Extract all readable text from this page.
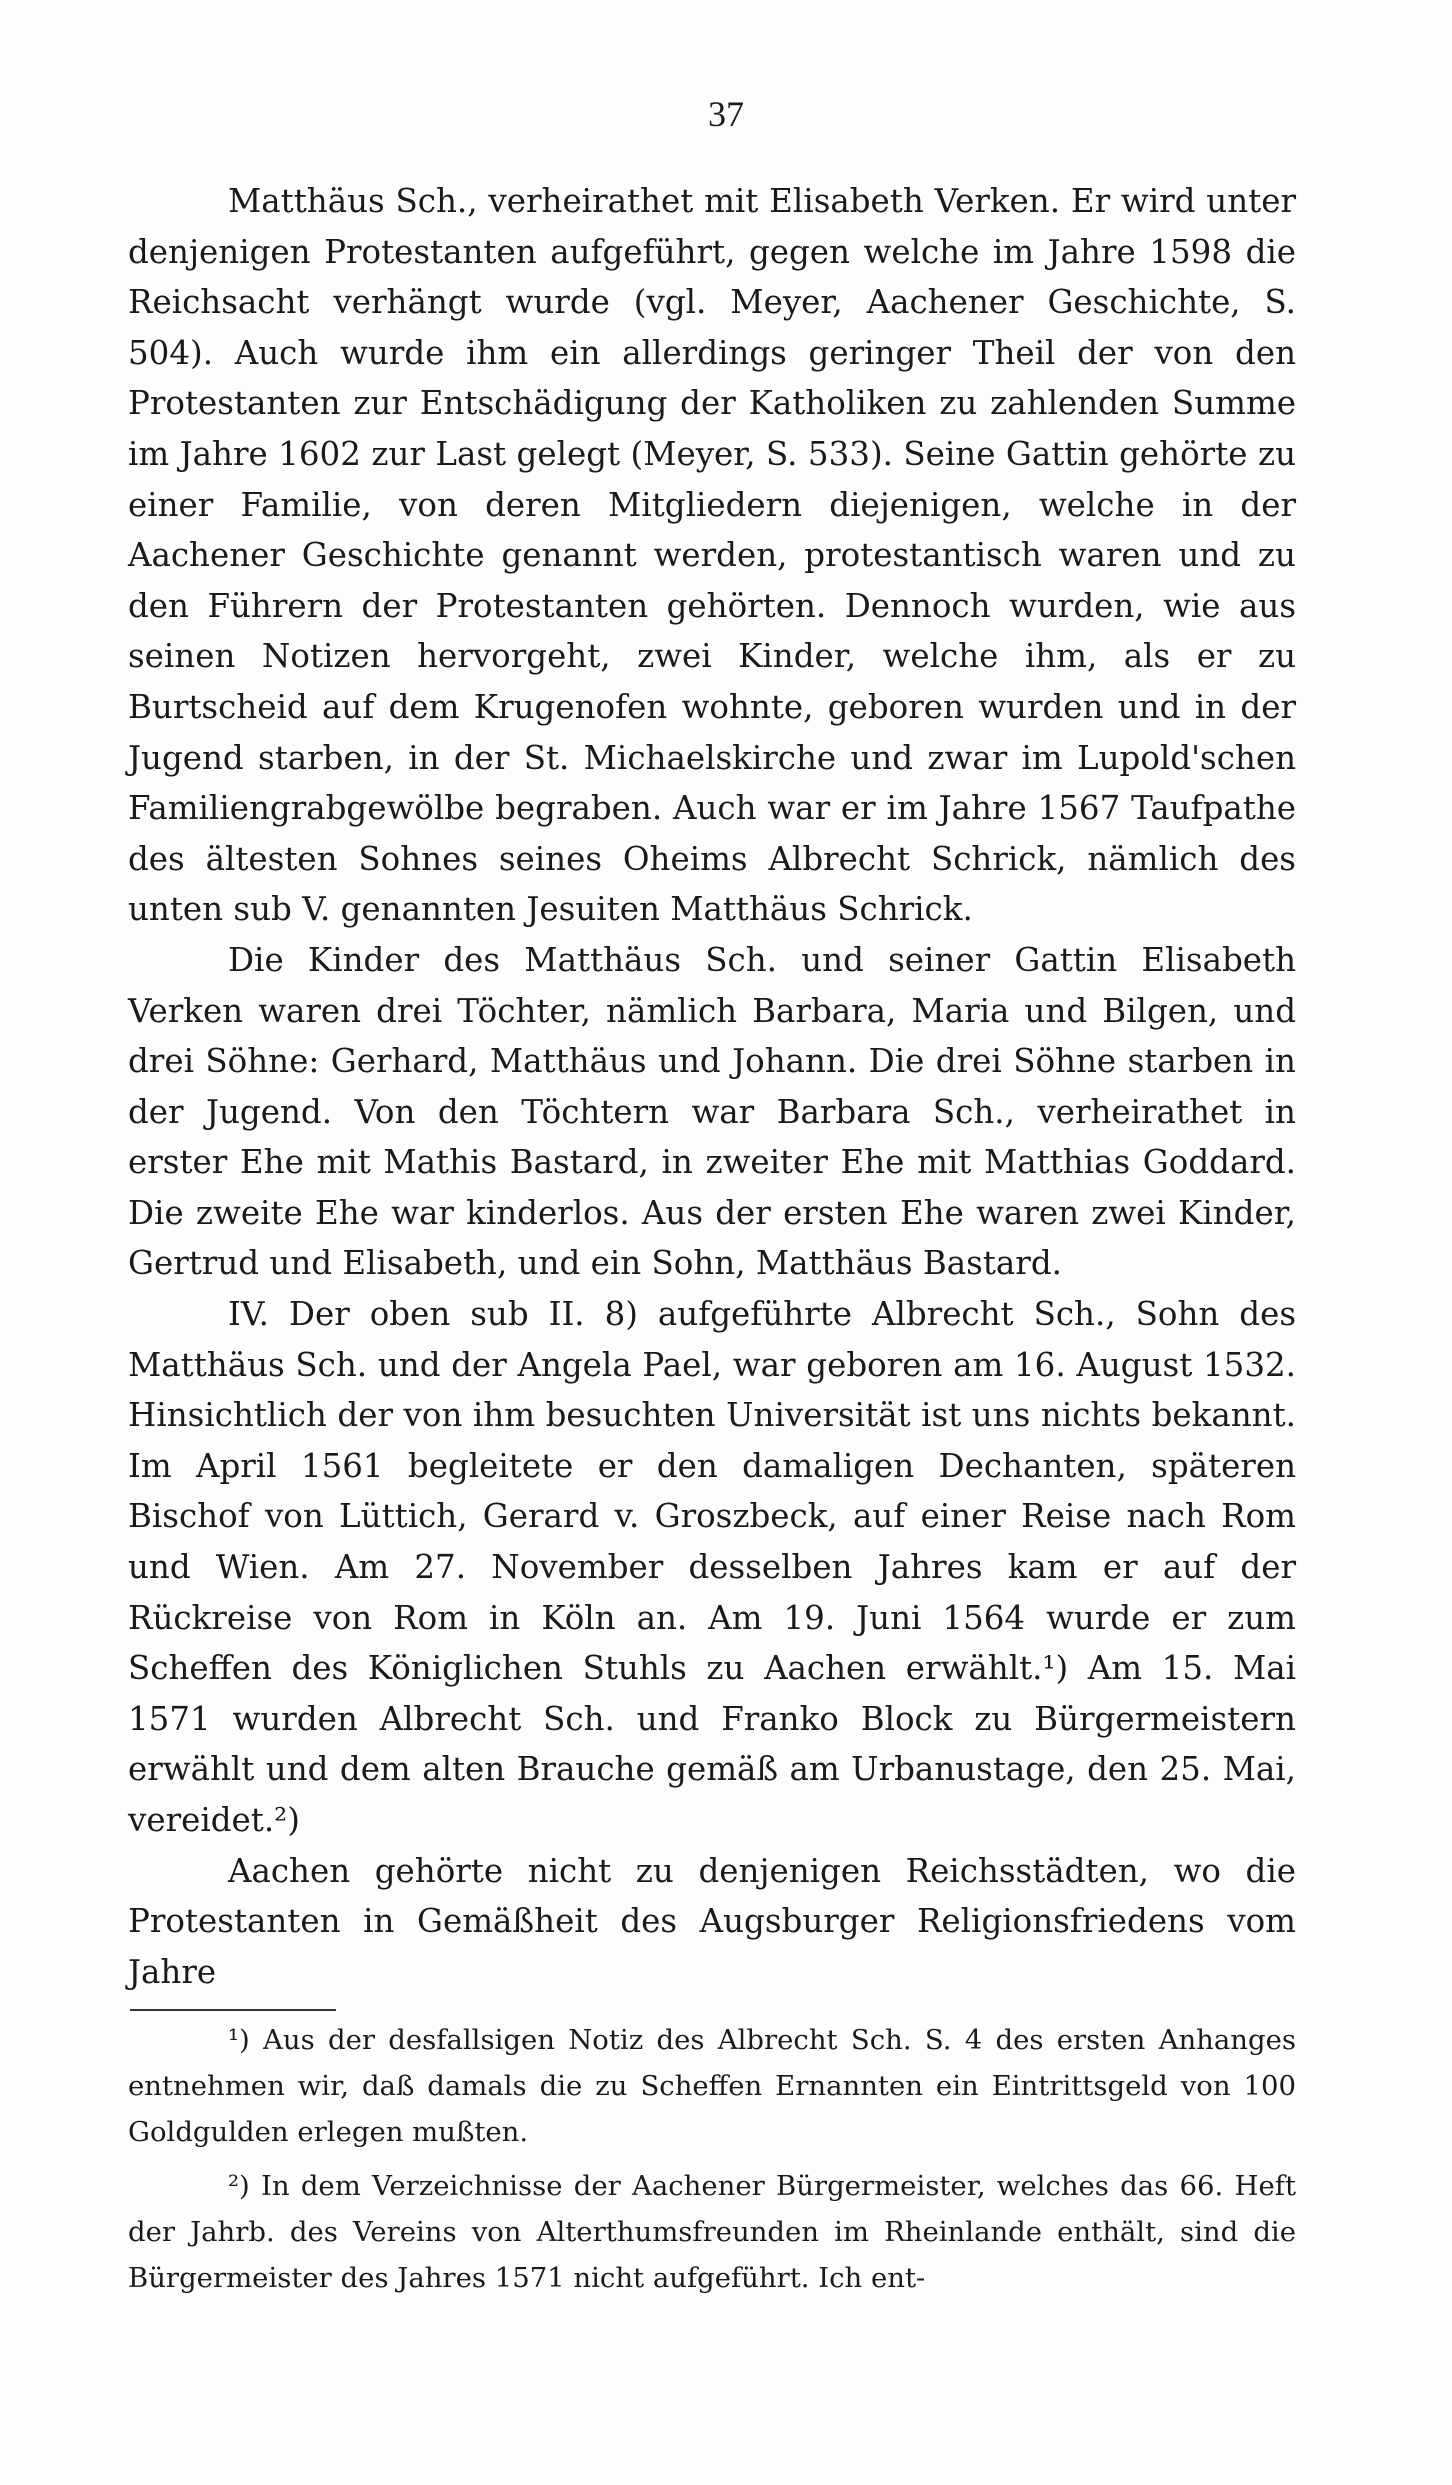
37

Matthäus Sch., verheirathet mit Elisabeth Verken. Er wird unter denjenigen Protestanten aufgeführt, gegen welche im Jahre 1598 die Reichsacht verhängt wurde (vgl. Meyer, Aachener Geschichte, S. 504). Auch wurde ihm ein allerdings geringer Theil der von den Protestanten zur Entschädigung der Katholiken zu zahlenden Summe im Jahre 1602 zur Last gelegt (Meyer, S. 533). Seine Gattin gehörte zu einer Familie, von deren Mitgliedern diejenigen, welche in der Aachener Geschichte genannt werden, protestantisch waren und zu den Führern der Protestanten gehörten. Dennoch wurden, wie aus seinen Notizen hervorgeht, zwei Kinder, welche ihm, als er zu Burtscheid auf dem Krugenofen wohnte, geboren wurden und in der Jugend starben, in der St. Michaelskirche und zwar im Lupold'schen Familiengrabgewölbe begraben. Auch war er im Jahre 1567 Taufpathe des ältesten Sohnes seines Oheims Albrecht Schrick, nämlich des unten sub V. genannten Jesuiten Matthäus Schrick.

Die Kinder des Matthäus Sch. und seiner Gattin Elisabeth Verken waren drei Töchter, nämlich Barbara, Maria und Bilgen, und drei Söhne: Gerhard, Matthäus und Johann. Die drei Söhne starben in der Jugend. Von den Töchtern war Barbara Sch., verheirathet in erster Ehe mit Mathis Bastard, in zweiter Ehe mit Matthias Goddard. Die zweite Ehe war kinderlos. Aus der ersten Ehe waren zwei Kinder, Gertrud und Elisabeth, und ein Sohn, Matthäus Bastard.

IV. Der oben sub II. 8) aufgeführte Albrecht Sch., Sohn des Matthäus Sch. und der Angela Pael, war geboren am 16. August 1532. Hinsichtlich der von ihm besuchten Universität ist uns nichts bekannt. Im April 1561 begleitete er den damaligen Dechanten, späteren Bischof von Lüttich, Gerard v. Groszbeck, auf einer Reise nach Rom und Wien. Am 27. November desselben Jahres kam er auf der Rückreise von Rom in Köln an. Am 19. Juni 1564 wurde er zum Scheffen des Königlichen Stuhls zu Aachen erwählt.¹) Am 15. Mai 1571 wurden Albrecht Sch. und Franko Block zu Bürgermeistern erwählt und dem alten Brauche gemäß am Urbanustage, den 25. Mai, vereidet.²)

Aachen gehörte nicht zu denjenigen Reichsstädten, wo die Protestanten in Gemäßheit des Augsburger Religionsfriedens vom Jahre

¹) Aus der desfallsigen Notiz des Albrecht Sch. S. 4 des ersten Anhanges entnehmen wir, daß damals die zu Scheffen Ernannten ein Eintrittsgeld von 100 Goldgulden erlegen mußten.

²) In dem Verzeichnisse der Aachener Bürgermeister, welches das 66. Heft der Jahrb. des Vereins von Alterthumsfreunden im Rheinlande enthält, sind die Bürgermeister des Jahres 1571 nicht aufgeführt. Ich ent-
